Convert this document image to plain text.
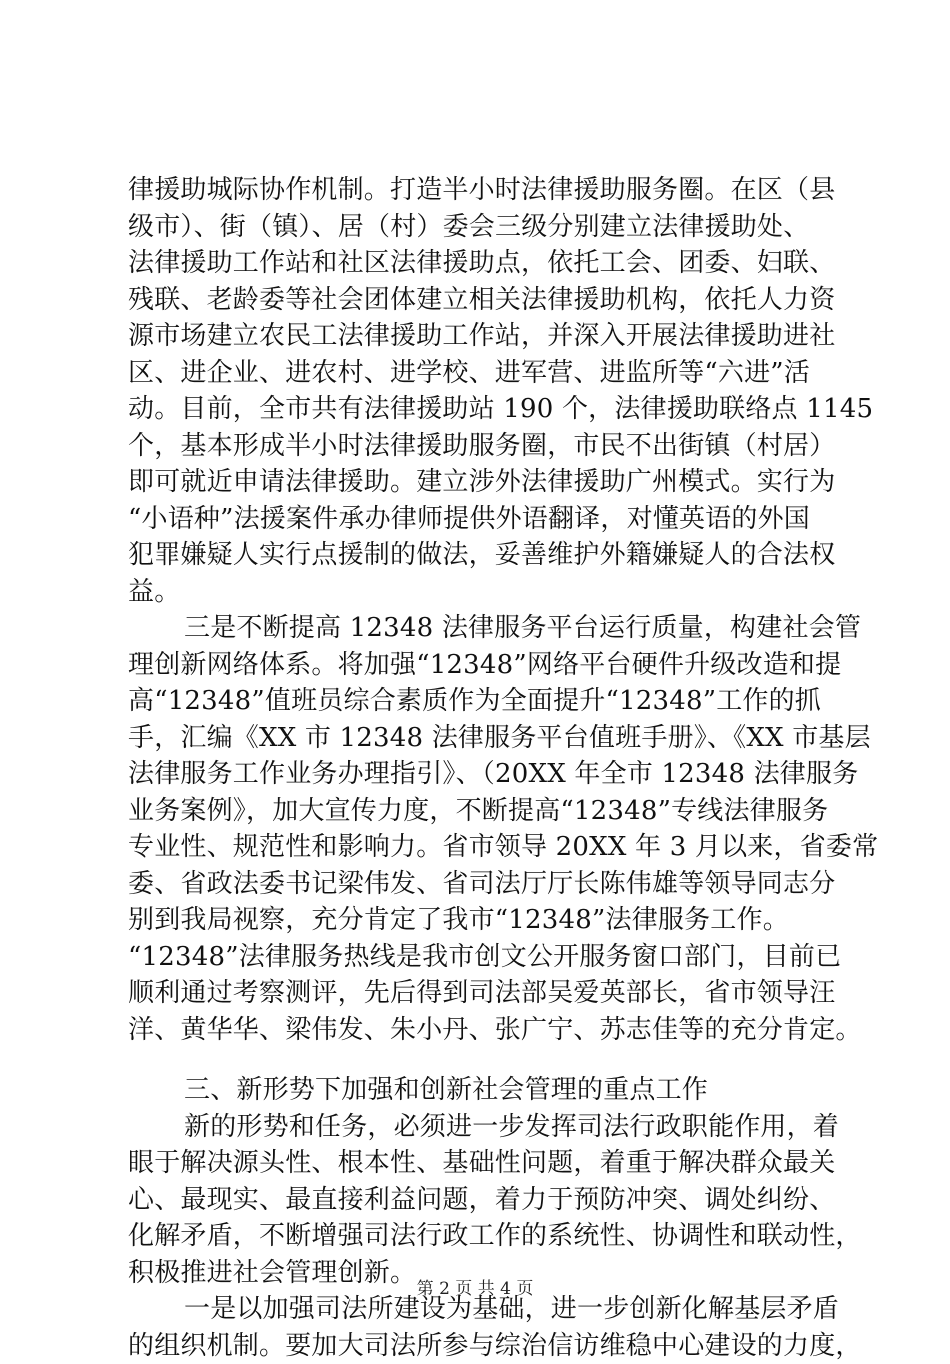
律援助城际协作机制。打造半小时法律援助服务圈。在区（县
级市）、街（镇）、居（村）委会三级分别建立法律援助处、
法律援助工作站和社区法律援助点，依托工会、团委、妇联、
残联、老龄委等社会团体建立相关法律援助机构，依托人力资
源市场建立农民工法律援助工作站，并深入开展法律援助进社
区、进企业、进农村、进学校、进军营、进监所等“六进”活
动。目前，全市共有法律援助站 190 个，法律援助联络点 1145
个，基本形成半小时法律援助服务圈，市民不出街镇（村居）
即可就近申请法律援助。建立涉外法律援助广州模式。实行为
“小语种”法援案件承办律师提供外语翻译，对懂英语的外国
犯罪嫌疑人实行点援制的做法，妥善维护外籍嫌疑人的合法权
益。
三是不断提高 12348 法律服务平台运行质量，构建社会管
理创新网络体系。将加强“12348”网络平台硬件升级改造和提
高“12348”值班员综合素质作为全面提升“12348”工作的抓
手，汇编《XX 市 12348 法律服务平台值班手册》、《XX 市基层
法律服务工作业务办理指引》、（20XX 年全市 12348 法律服务
业务案例》，加大宣传力度，不断提高“12348”专线法律服务
专业性、规范性和影响力。省市领导 20XX 年 3 月以来，省委常
委、省政法委书记梁伟发、省司法厅厅长陈伟雄等领导同志分
别到我局视察，充分肯定了我市“12348”法律服务工作。
“12348”法律服务热线是我市创文公开服务窗口部门，目前已
顺利通过考察测评，先后得到司法部吴爱英部长，省市领导汪
洋、黄华华、梁伟发、朱小丹、张广宁、苏志佳等的充分肯定。
三、新形势下加强和创新社会管理的重点工作
新的形势和任务，必须进一步发挥司法行政职能作用，着
眼于解决源头性、根本性、基础性问题，着重于解决群众最关
心、最现实、最直接利益问题，着力于预防冲突、调处纠纷、
化解矛盾，不断增强司法行政工作的系统性、协调性和联动性，
积极推进社会管理创新。
一是以加强司法所建设为基础，进一步创新化解基层矛盾
的组织机制。要加大司法所参与综治信访维稳中心建设的力度，
第 2 页 共 4 页
